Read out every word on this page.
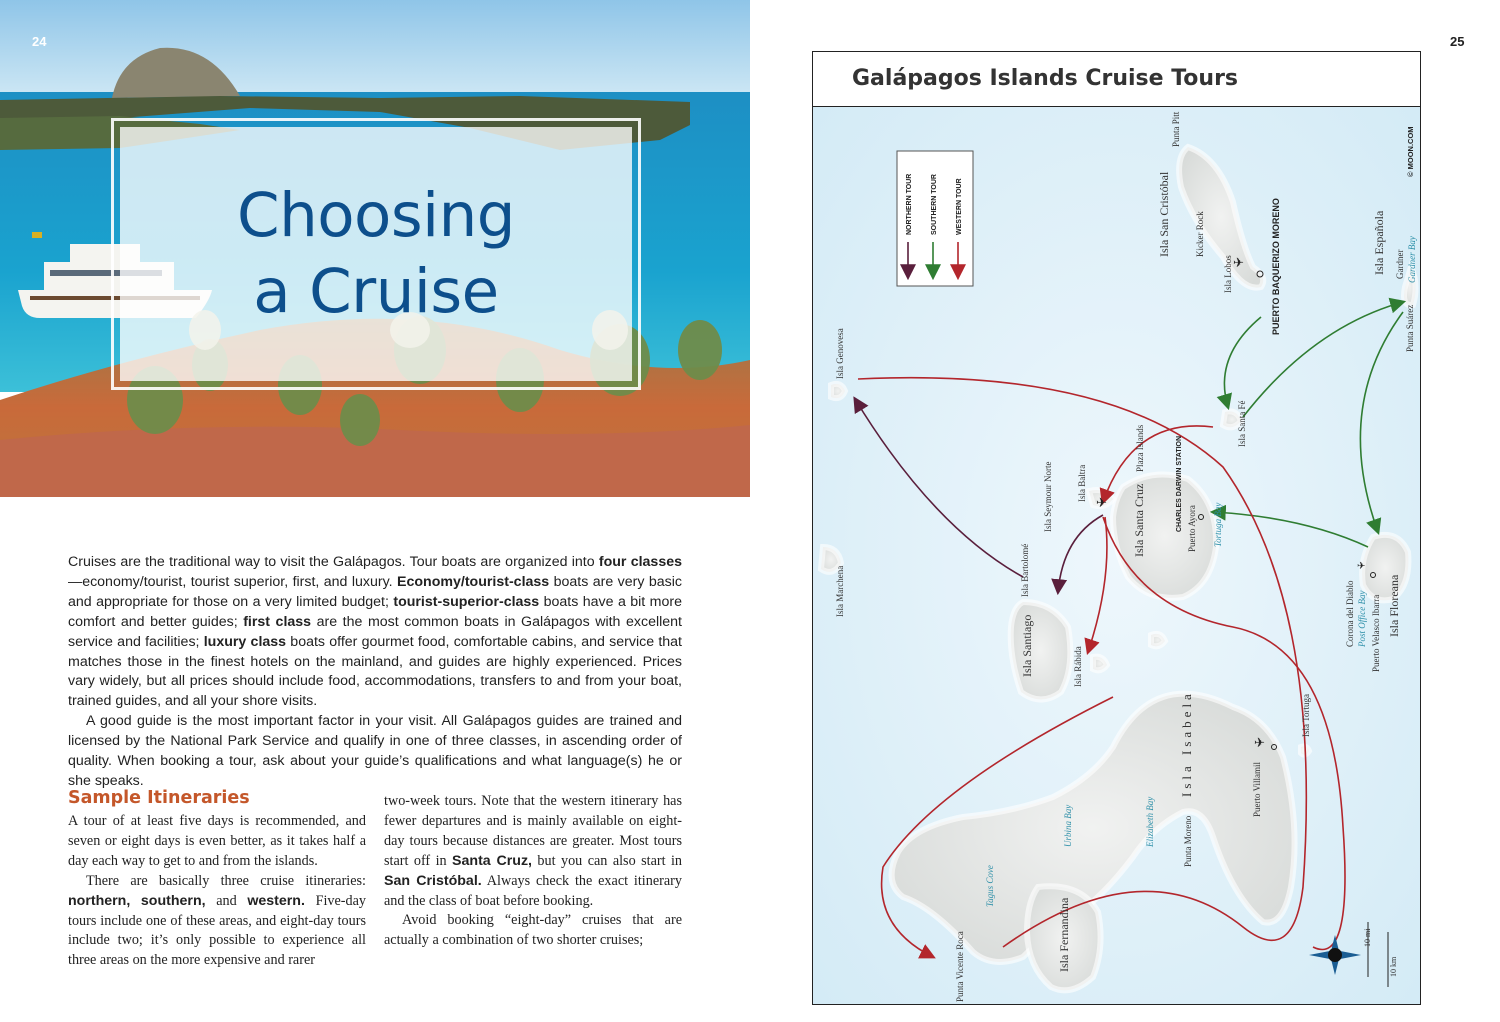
24
Choosing
a Cruise

Cruises are the traditional way to visit the Galápagos. Tour boats are organized into four classes—economy/tourist, tourist superior, first, and luxury. Economy/tourist-class boats are very basic and appropriate for those on a very limited budget; tourist-superior-class boats have a bit more comfort and better guides; first class are the most common boats in Galápagos with excellent service and facilities; luxury class boats offer gourmet food, comfortable cabins, and service that matches those in the finest hotels on the mainland, and guides are highly experienced. Prices vary widely, but all prices should include food, accommodations, transfers to and from your boat, trained guides, and all your shore visits.

A good guide is the most important factor in your visit. All Galápagos guides are trained and licensed by the National Park Service and qualify in one of three classes, in ascending order of quality. When booking a tour, ask about your guide’s qualifications and what language(s) he or she speaks.

Sample Itineraries

A tour of at least five days is recommended, and seven or eight days is even better, as it takes half a day each way to get to and from the islands.

There are basically three cruise itineraries: northern, southern, and western. Five-day tours include one of these areas, and eight-day tours include two; it’s only possible to experience all three areas on the more expensive and rarer

two-week tours. Note that the western itinerary has fewer departures and is mainly available on eight-day tours because distances are greater. Most tours start off in Santa Cruz, but you can also start in San Cristóbal. Always check the exact itinerary and the class of boat before booking.

Avoid booking “eight-day” cruises that are actually a combination of two shorter cruises;

25
Galápagos Islands Cruise Tours
NORTHERN TOUR	SOUTHERN TOUR	WESTERN TOUR
✈
✈
✈
✈
10 mi
10 km
© MOON.COM
Punta Pitt
Isla San Cristóbal	Kicker Rock
Isla Lobos	PUERTO BAQUERIZO MORENO	Isla Española Gardner Gardner Bay
Punta Suárez
Isla Genovesa
Isla Santa Fé
Plaza Islands
Isla Baltra
Isla Seymour Norte	CHARLES DARWIN STATION
Isla Santa Cruz	Puerto Ayora Tortuga Bay
Isla Marchena	Isla Bartolomé
Isla Santiago	Isla Rábida
Corona del Diablo Post Office Bay Puerto Velasco Ibarra Isla Floreana
Isla Tortuga
Isla Isabela	Puerto Villamil
Urbina Bay	Elizabeth Bay	Punta Moreno
Tagus Cove
Isla Fernandina
Punta Vicente Roca
